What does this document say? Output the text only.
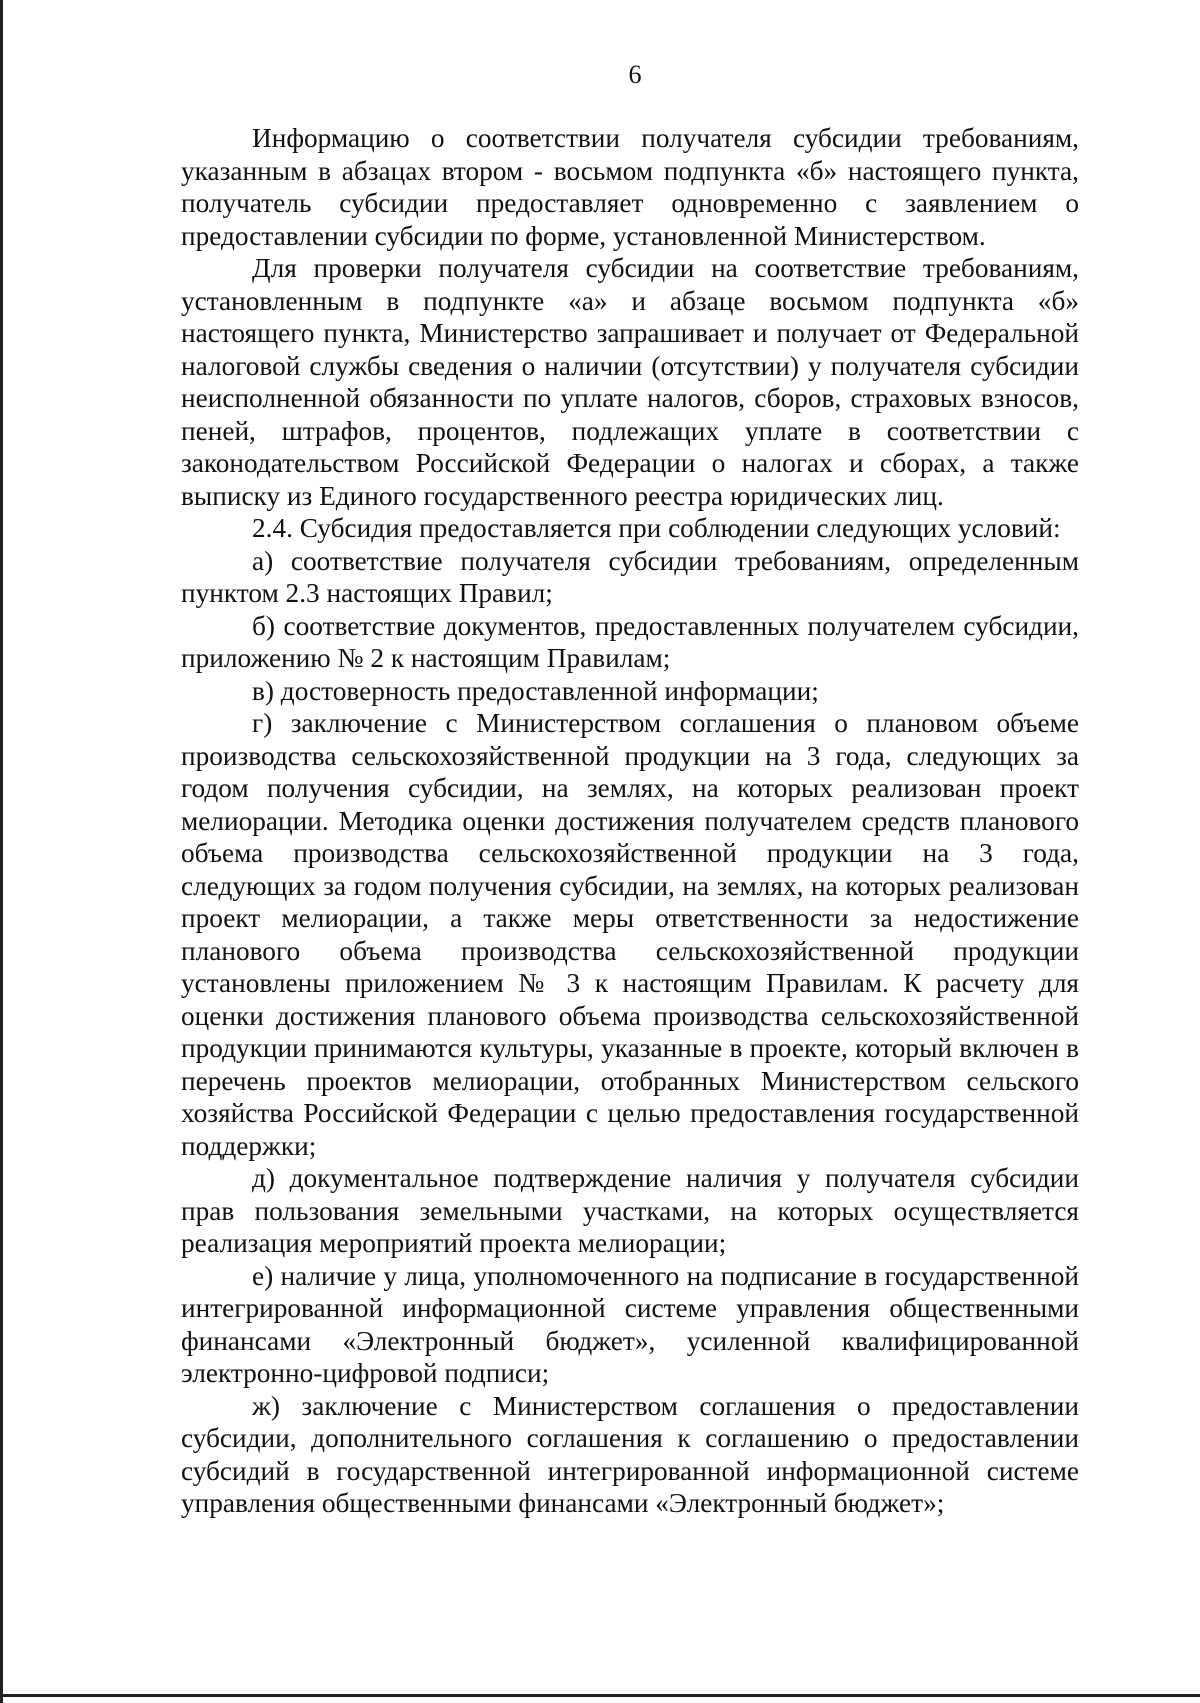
6

Информацию о соответствии получателя субсидии требованиям, указанным в абзацах втором - восьмом подпункта «б» настоящего пункта, получатель субсидии предоставляет одновременно с заявлением о предоставлении субсидии по форме, установленной Министерством.

Для проверки получателя субсидии на соответствие требованиям, установленным в подпункте «а» и абзаце восьмом подпункта «б» настоящего пункта, Министерство запрашивает и получает от Федеральной налоговой службы сведения о наличии (отсутствии) у получателя субсидии неисполненной обязанности по уплате налогов, сборов, страховых взносов, пеней, штрафов, процентов, подлежащих уплате в соответствии с законодательством Российской Федерации о налогах и сборах, а также выписку из Единого государственного реестра юридических лиц.

2.4. Субсидия предоставляется при соблюдении следующих условий:

а) соответствие получателя субсидии требованиям, определенным пунктом 2.3 настоящих Правил;

б) соответствие документов, предоставленных получателем субсидии, приложению № 2 к настоящим Правилам;

в) достоверность предоставленной информации;

г) заключение с Министерством соглашения о плановом объеме производства сельскохозяйственной продукции на 3 года, следующих за годом получения субсидии, на землях, на которых реализован проект мелиорации. Методика оценки достижения получателем средств планового объема производства сельскохозяйственной продукции на 3 года, следующих за годом получения субсидии, на землях, на которых реализован проект мелиорации, а также меры ответственности за недостижение планового объема производства сельскохозяйственной продукции установлены приложением № 3 к настоящим Правилам. К расчету для оценки достижения планового объема производства сельскохозяйственной продукции принимаются культуры, указанные в проекте, который включен в перечень проектов мелиорации, отобранных Министерством сельского хозяйства Российской Федерации с целью предоставления государственной поддержки;

д) документальное подтверждение наличия у получателя субсидии прав пользования земельными участками, на которых осуществляется реализация мероприятий проекта мелиорации;

е) наличие у лица, уполномоченного на подписание в государственной интегрированной информационной системе управления общественными финансами «Электронный бюджет», усиленной квалифицированной электронно-цифровой подписи;

ж) заключение с Министерством соглашения о предоставлении субсидии, дополнительного соглашения к соглашению о предоставлении субсидий в государственной интегрированной информационной системе управления общественными финансами «Электронный бюджет»;
